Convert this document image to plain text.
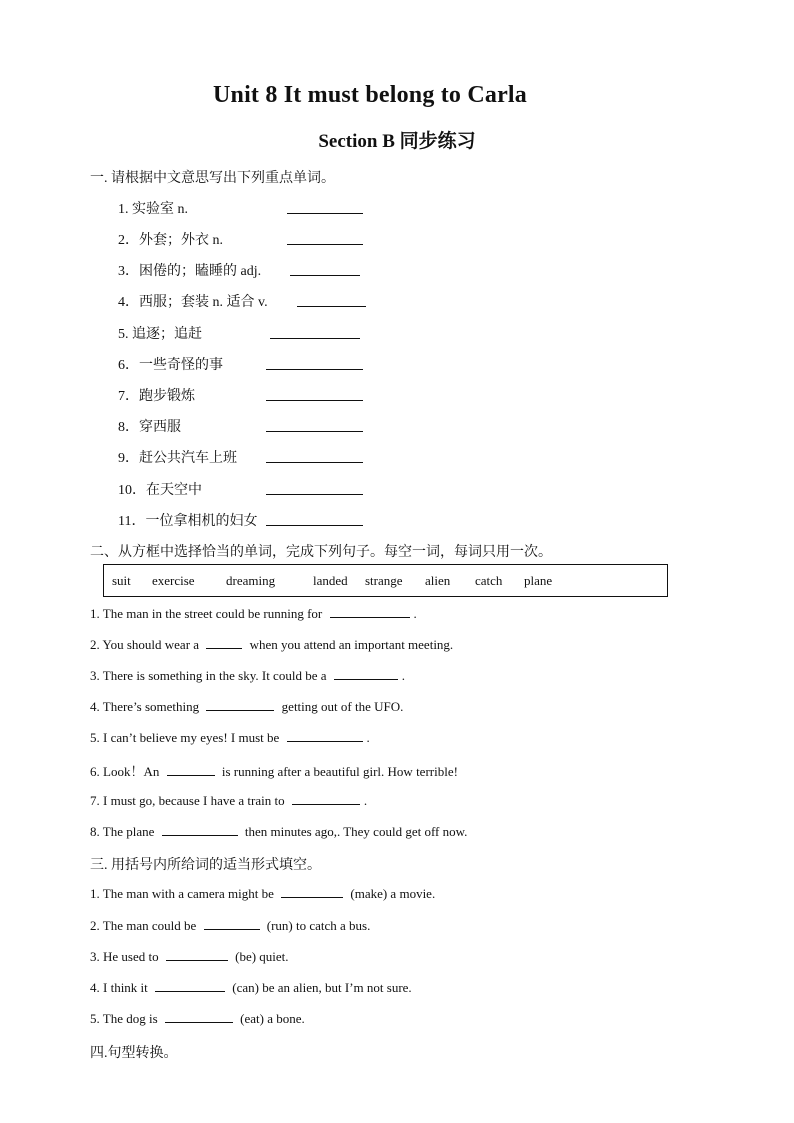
Unit 8 It must belong to Carla
Section B 同步练习
一. 请根据中文意思写出下列重点单词。
1. 实验室 n.
2．外套；外衣 n.
3．困倦的；瞌睡的 adj.
4．西服；套装 n. 适合 v.
5. 追逐；追赶
6．一些奇怪的事
7．跑步锻炼
8．穿西服
9．赶公共汽车上班
10．在天空中
11．一位拿相机的妇女
二、从方框中选择恰当的单词，完成下列句子。每空一词，每词只用一次。
suit exercise dreaming	landed strange alien catch plane
1. The man in the street could be running for	.
2. You should wear a	when you attend an important meeting.
3. There is something in the sky. It could be a	.
4. There’s something	getting out of the UFO.
5. I can’t believe my eyes! I must be	.
6. Look！An	is running after a beautiful girl. How terrible!
7. I must go, because I have a train to	.
8. The plane	then minutes ago,. They could get off now.
三. 用括号内所给词的适当形式填空。
1. The man with a camera might be	(make) a movie.
2. The man could be	(run) to catch a bus.
3. He used to	(be) quiet.
4. I think it	(can) be an alien, but I’m not sure.
5. The dog is	(eat) a bone.
四.句型转换。
